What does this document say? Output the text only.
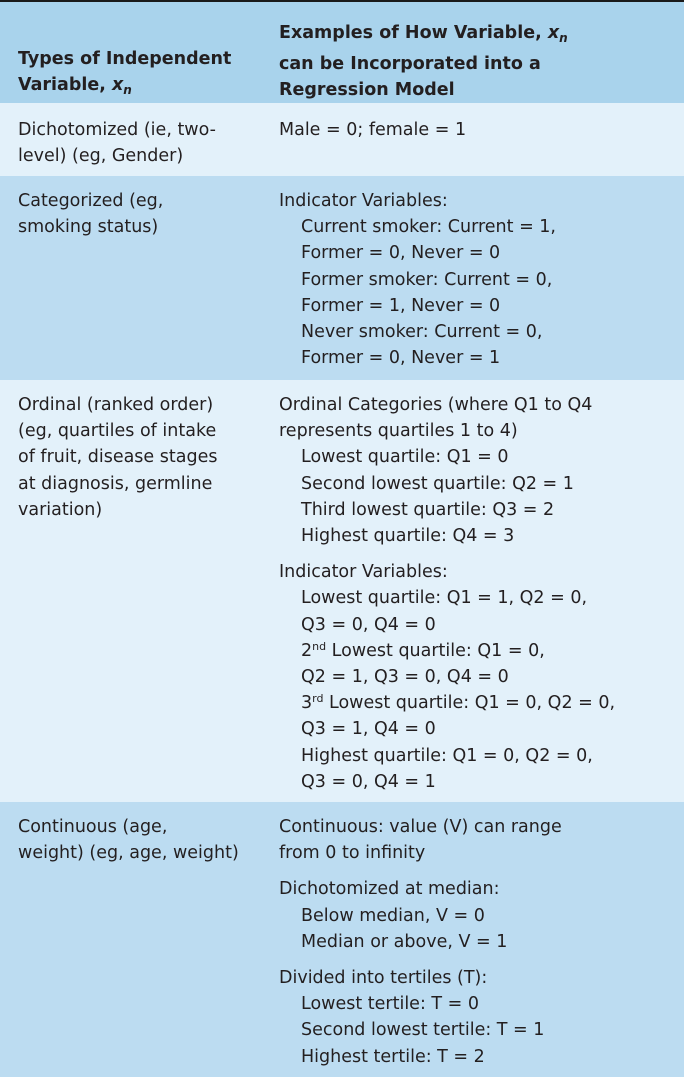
Types of Independent
Variable, $x_n$
Examples of How Variable, $x_n$
can be Incorporated into a
Regression Model
Dichotomized (ie, two-
level) (eg, Gender)
Male = 0; female = 1
Categorized (eg,
smoking status)
Indicator Variables:
Current smoker: Current = 1,
Former = 0, Never = 0
Former smoker: Current = 0,
Former = 1, Never = 0
Never smoker: Current = 0,
Former = 0, Never = 1
Ordinal (ranked order)
(eg, quartiles of intake
of fruit, disease stages
at diagnosis, germline
variation)
Ordinal Categories (where Q1 to Q4
represents quartiles 1 to 4)
Lowest quartile: Q1 = 0
Second lowest quartile: Q2 = 1
Third lowest quartile: Q3 = 2
Highest quartile: Q4 = 3
Indicator Variables:
Lowest quartile: Q1 = 1, Q2 = 0,
Q3 = 0, Q4 = 0
2nd Lowest quartile: Q1 = 0,
Q2 = 1, Q3 = 0, Q4 = 0
3rd Lowest quartile: Q1 = 0, Q2 = 0,
Q3 = 1, Q4 = 0
Highest quartile: Q1 = 0, Q2 = 0,
Q3 = 0, Q4 = 1
Continuous (age,
weight) (eg, age, weight)
Continuous: value (V) can range
from 0 to infinity
Dichotomized at median:
Below median, V = 0
Median or above, V = 1
Divided into tertiles (T):
Lowest tertile: T = 0
Second lowest tertile: T = 1
Highest tertile: T = 2
